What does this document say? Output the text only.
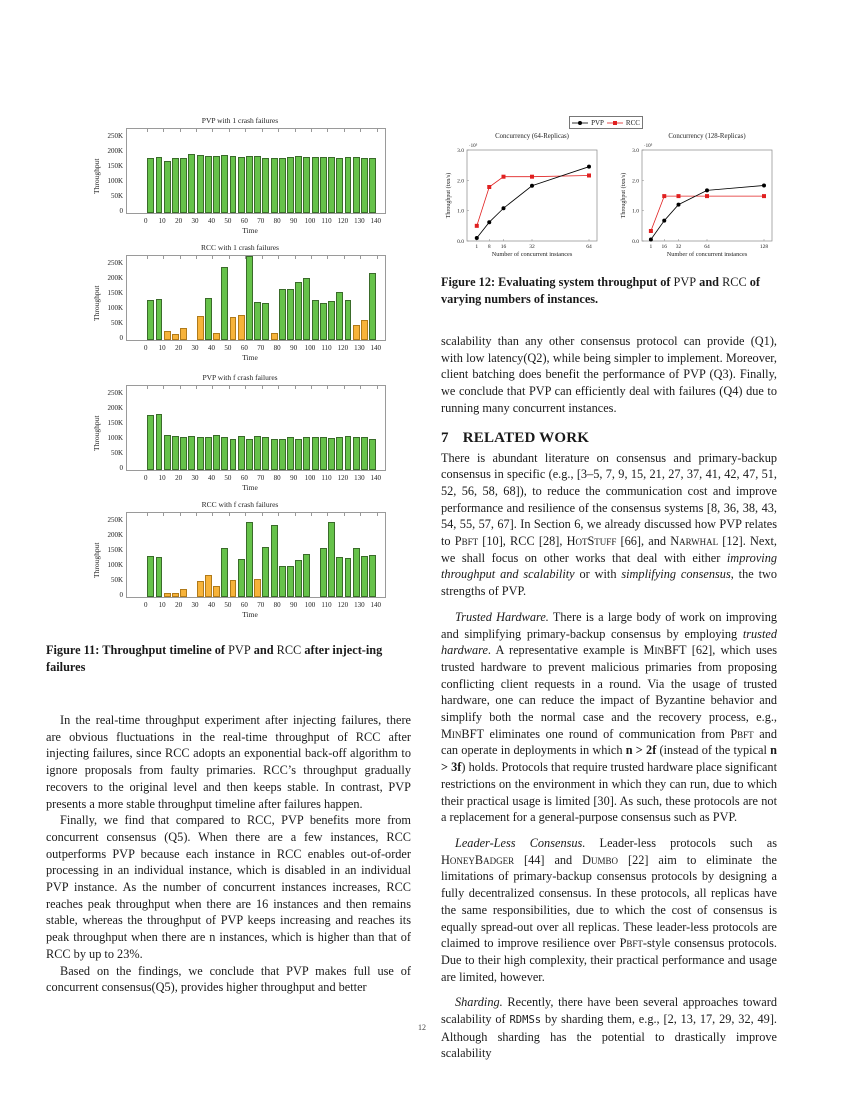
PVP with 1 crash failures
0
50K
100K
150K
200K
250K
Throughput
0	10	20	30	40	50	60	70	80	90	100 110 120 130 140
Time
RCC with 1 crash failures
0
50K
100K
150K
200K
250K
Throughput
0	10	20	30	40	50	60	70	80	90	100 110 120 130 140
Time
PVP with f crash failures
0
50K
100K
150K
200K
250K
Throughput
0	10	20	30	40	50	60	70	80	90	100 110 120 130 140
Time
RCC with f crash failures
0
50K
100K
150K
200K
250K
Throughput
0	10	20	30	40	50	60	70	80	90	100 110 120 130 140
Time

Figure 11: Throughput timeline of PVP and RCC after inject-ing failures

In the real-time throughput experiment after injecting failures, there are obvious fluctuations in the real-time throughput of RCC after injecting failures, since RCC adopts an exponential back-off algorithm to ignore proposals from faulty primaries. RCC’s throughput gradually recovers to the original level and then keeps stable. In contrast, PVP presents a more stable throughput timeline after failures happen.

Finally, we find that compared to RCC, PVP benefits more from concurrent consensus (Q5). When there are a few instances, RCC outperforms PVP because each instance in RCC enables out-of-order processing in an individual instance, which is disabled in an individual PVP instance. As the number of concurrent instances increases, RCC reaches peak throughput when there are 16 instances and then remains stable, whereas the throughput of PVP keeps increasing and reaches its peak throughput when there are n instances, which is higher than that of RCC by up to 23%.

Based on the findings, we conclude that PVP makes full use of concurrent consensus(Q5), provides higher throughput and better

PVP	RCC
Concurrency (64-Replicas)
·10⁵
0.0
1.0
2.0
3.0
1 8 16	32	64
Number of concurrent instances
Throughput (txn/s)
Concurrency (128-Replicas)
·10⁵
0.0
1.0
2.0
3.0
1 16 32	64	128
Number of concurrent instances
Throughput (txn/s)

Figure 12: Evaluating system throughput of PVP and RCC of varying numbers of instances.

scalability than any other consensus protocol can provide (Q1), with low latency(Q2), while being simpler to implement. Moreover, client batching does benefit the performance of PVP (Q3). Finally, we conclude that PVP can efficiently deal with failures (Q4) due to running many concurrent instances.

7 RELATED WORK

There is abundant literature on consensus and primary-backup consensus in specific (e.g., [3–5, 7, 9, 15, 21, 27, 37, 41, 42, 47, 51, 52, 56, 58, 68]), to reduce the communication cost and improve performance and resilience of the consensus systems [8, 36, 38, 43, 54, 55, 57, 67]. In Section 6, we already discussed how PVP relates to Pbft [10], RCC [28], HotStuff [66], and Narwhal [12]. Next, we shall focus on other works that deal with either improving throughput and scalability or with simplifying consensus, the two strengths of PVP.

Trusted Hardware. There is a large body of work on improving and simplifying primary-backup consensus by employing trusted hardware. A representative example is MinBFT [62], which uses trusted hardware to prevent malicious primaries from proposing conflicting client requests in a round. Via the usage of trusted hardware, one can reduce the impact of Byzantine behavior and simplify both the normal case and the recovery process, e.g., MinBFT eliminates one round of communication from Pbft and can operate in deployments in which n > 2f (instead of the typical n > 3f) holds. Protocols that require trusted hardware place significant restrictions on the environment in which they can run, due to which their practical usage is limited [30]. As such, these protocols are not a replacement for a general-purpose consensus such as PVP.

Leader-Less Consensus. Leader-less protocols such as HoneyBadger [44] and Dumbo [22] aim to eliminate the limitations of primary-backup consensus protocols by designing a fully decentralized consensus. In these protocols, all replicas have the same responsibilities, due to which the cost of consensus is equally spread-out over all replicas. These leader-less protocols are claimed to improve resilience over Pbft-style consensus protocols. Due to their high complexity, their practical performance and usage are limited, however.

Sharding. Recently, there have been several approaches toward scalability of RDMSs by sharding them, e.g., [2, 13, 17, 29, 32, 49]. Although sharding has the potential to drastically improve scalability

12
